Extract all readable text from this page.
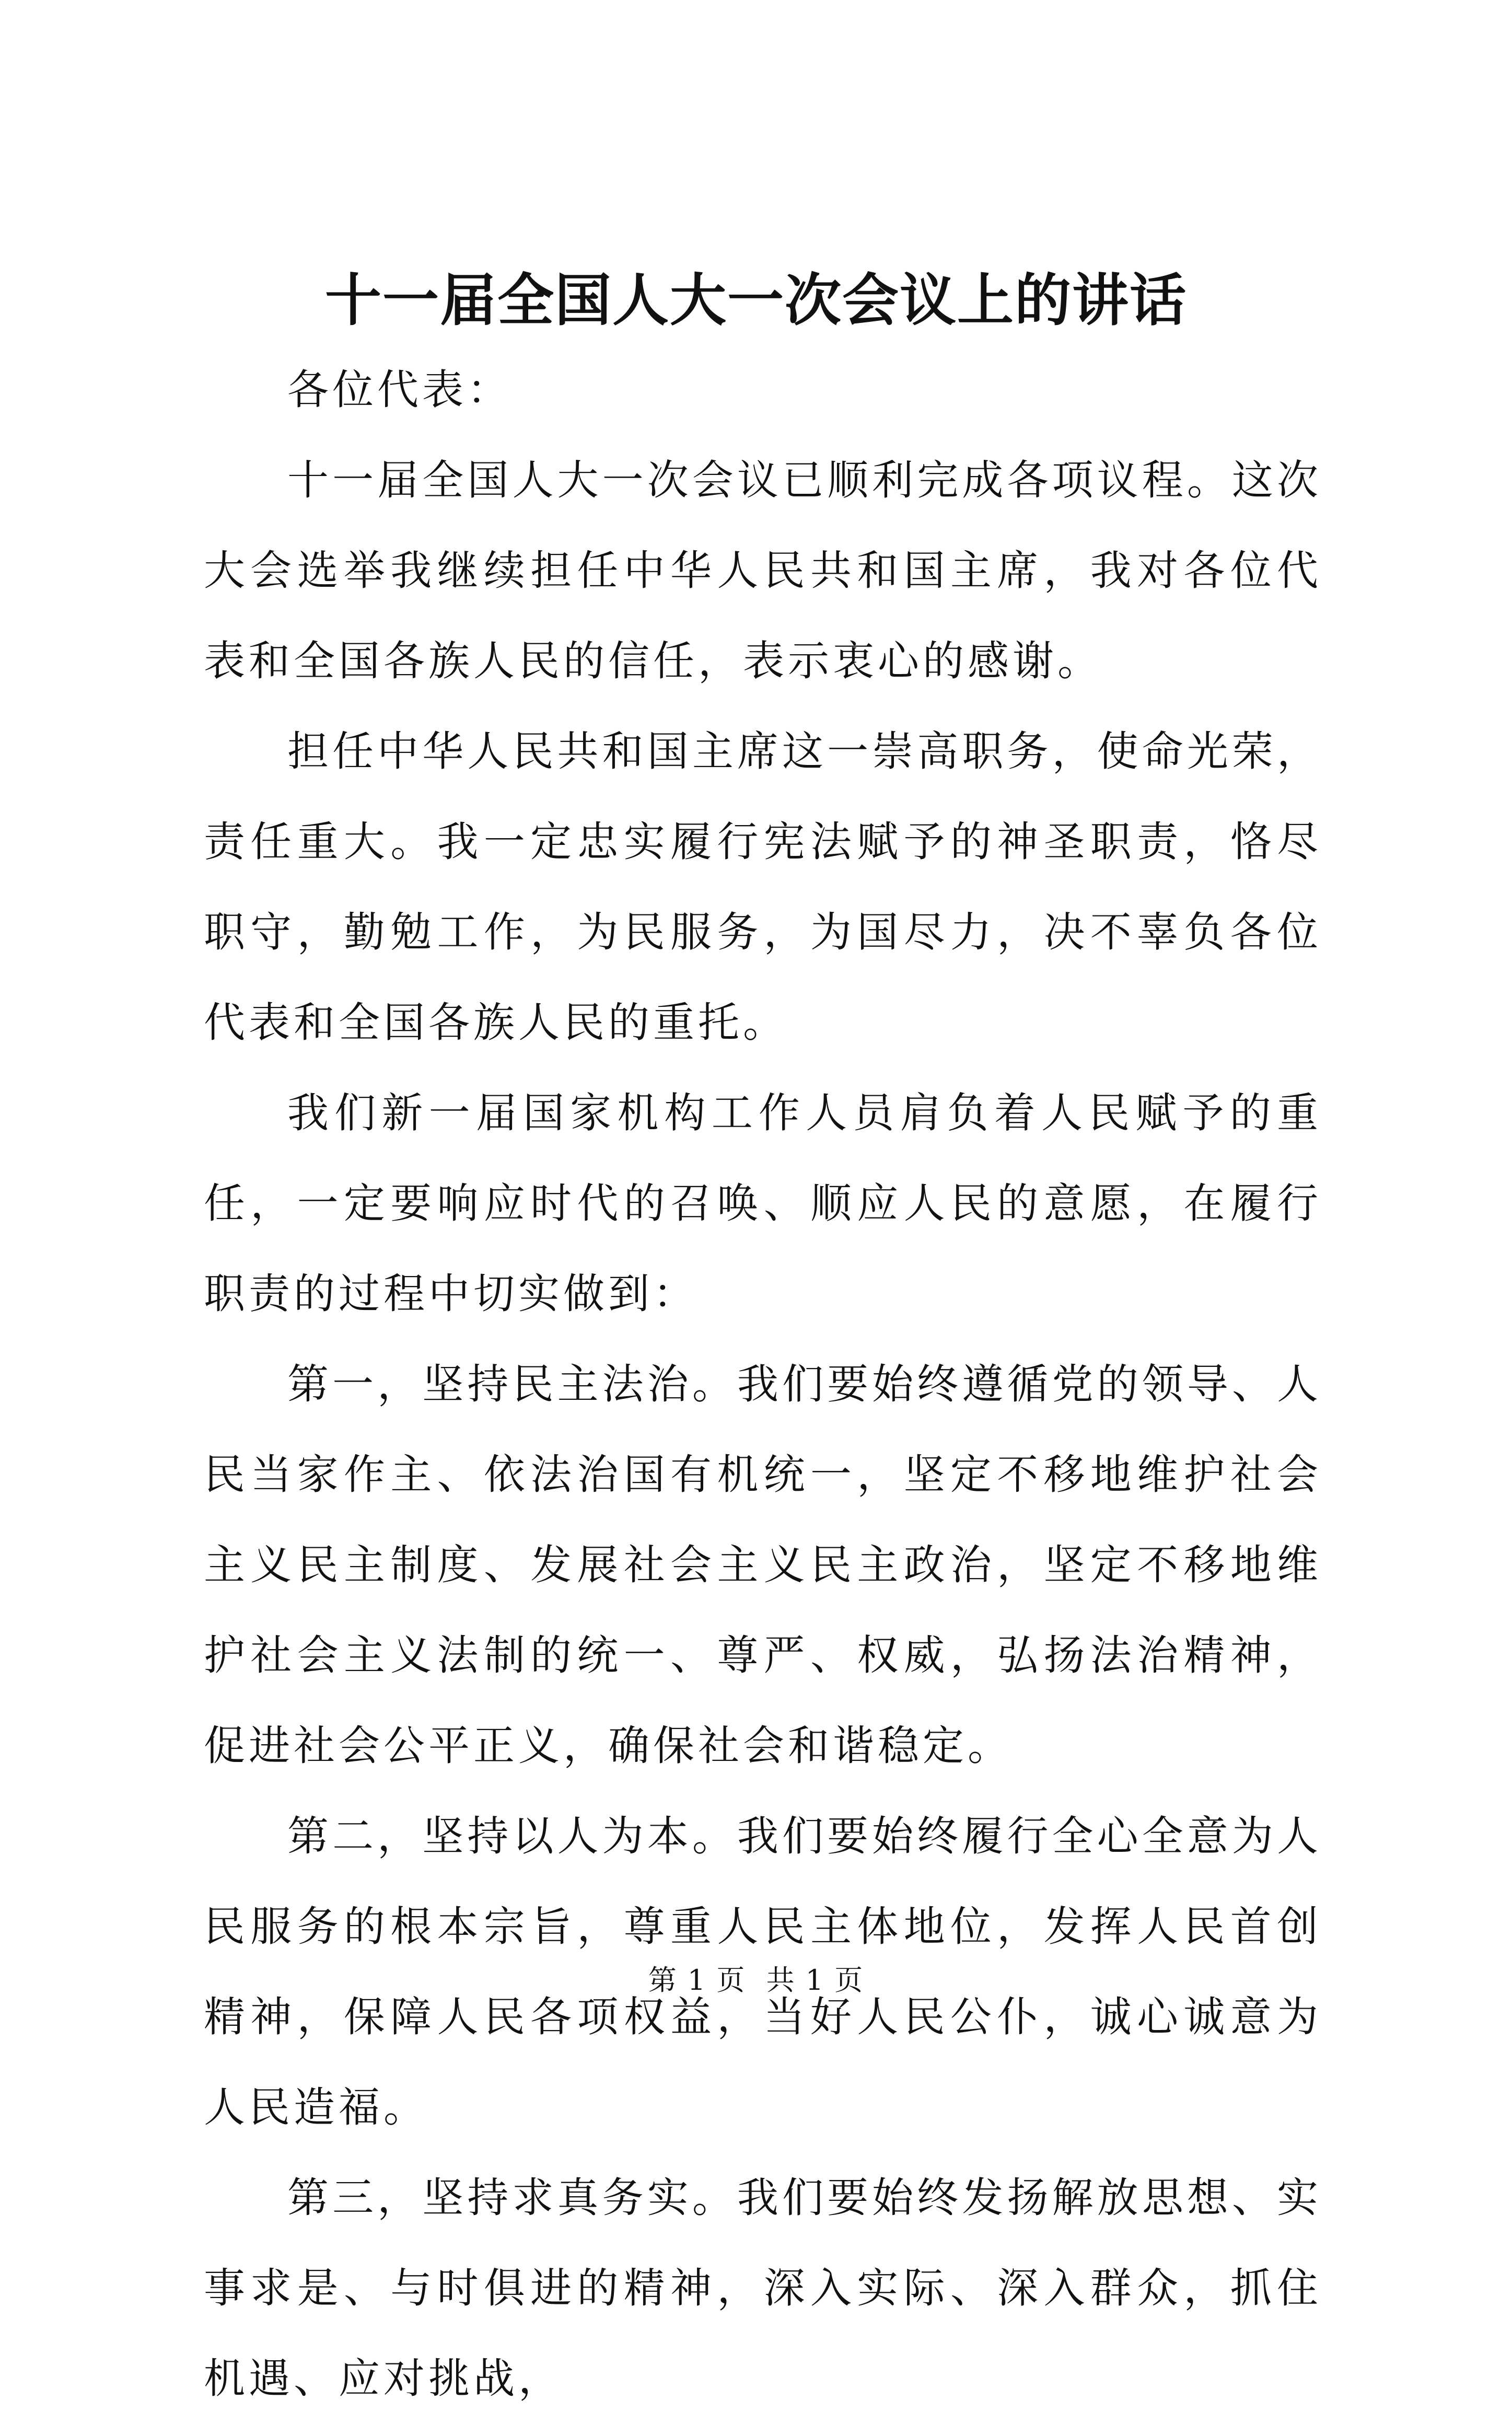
十一届全国人大一次会议上的讲话

各位代表：

十一届全国人大一次会议已顺利完成各项议程。这次大会选举我继续担任中华人民共和国主席，我对各位代表和全国各族人民的信任，表示衷心的感谢。

担任中华人民共和国主席这一崇高职务，使命光荣，责任重大。我一定忠实履行宪法赋予的神圣职责，恪尽职守，勤勉工作，为民服务，为国尽力，决不辜负各位代表和全国各族人民的重托。

我们新一届国家机构工作人员肩负着人民赋予的重任，一定要响应时代的召唤、顺应人民的意愿，在履行职责的过程中切实做到：

第一，坚持民主法治。我们要始终遵循党的领导、人民当家作主、依法治国有机统一，坚定不移地维护社会主义民主制度、发展社会主义民主政治，坚定不移地维护社会主义法制的统一、尊严、权威，弘扬法治精神，促进社会公平正义，确保社会和谐稳定。

第二，坚持以人为本。我们要始终履行全心全意为人民服务的根本宗旨，尊重人民主体地位，发挥人民首创精神，保障人民各项权益，当好人民公仆，诚心诚意为人民造福。

第三，坚持求真务实。我们要始终发扬解放思想、实事求是、与时俱进的精神，深入实际、深入群众，抓住机遇、应对挑战，

第 1 页 共 1 页
